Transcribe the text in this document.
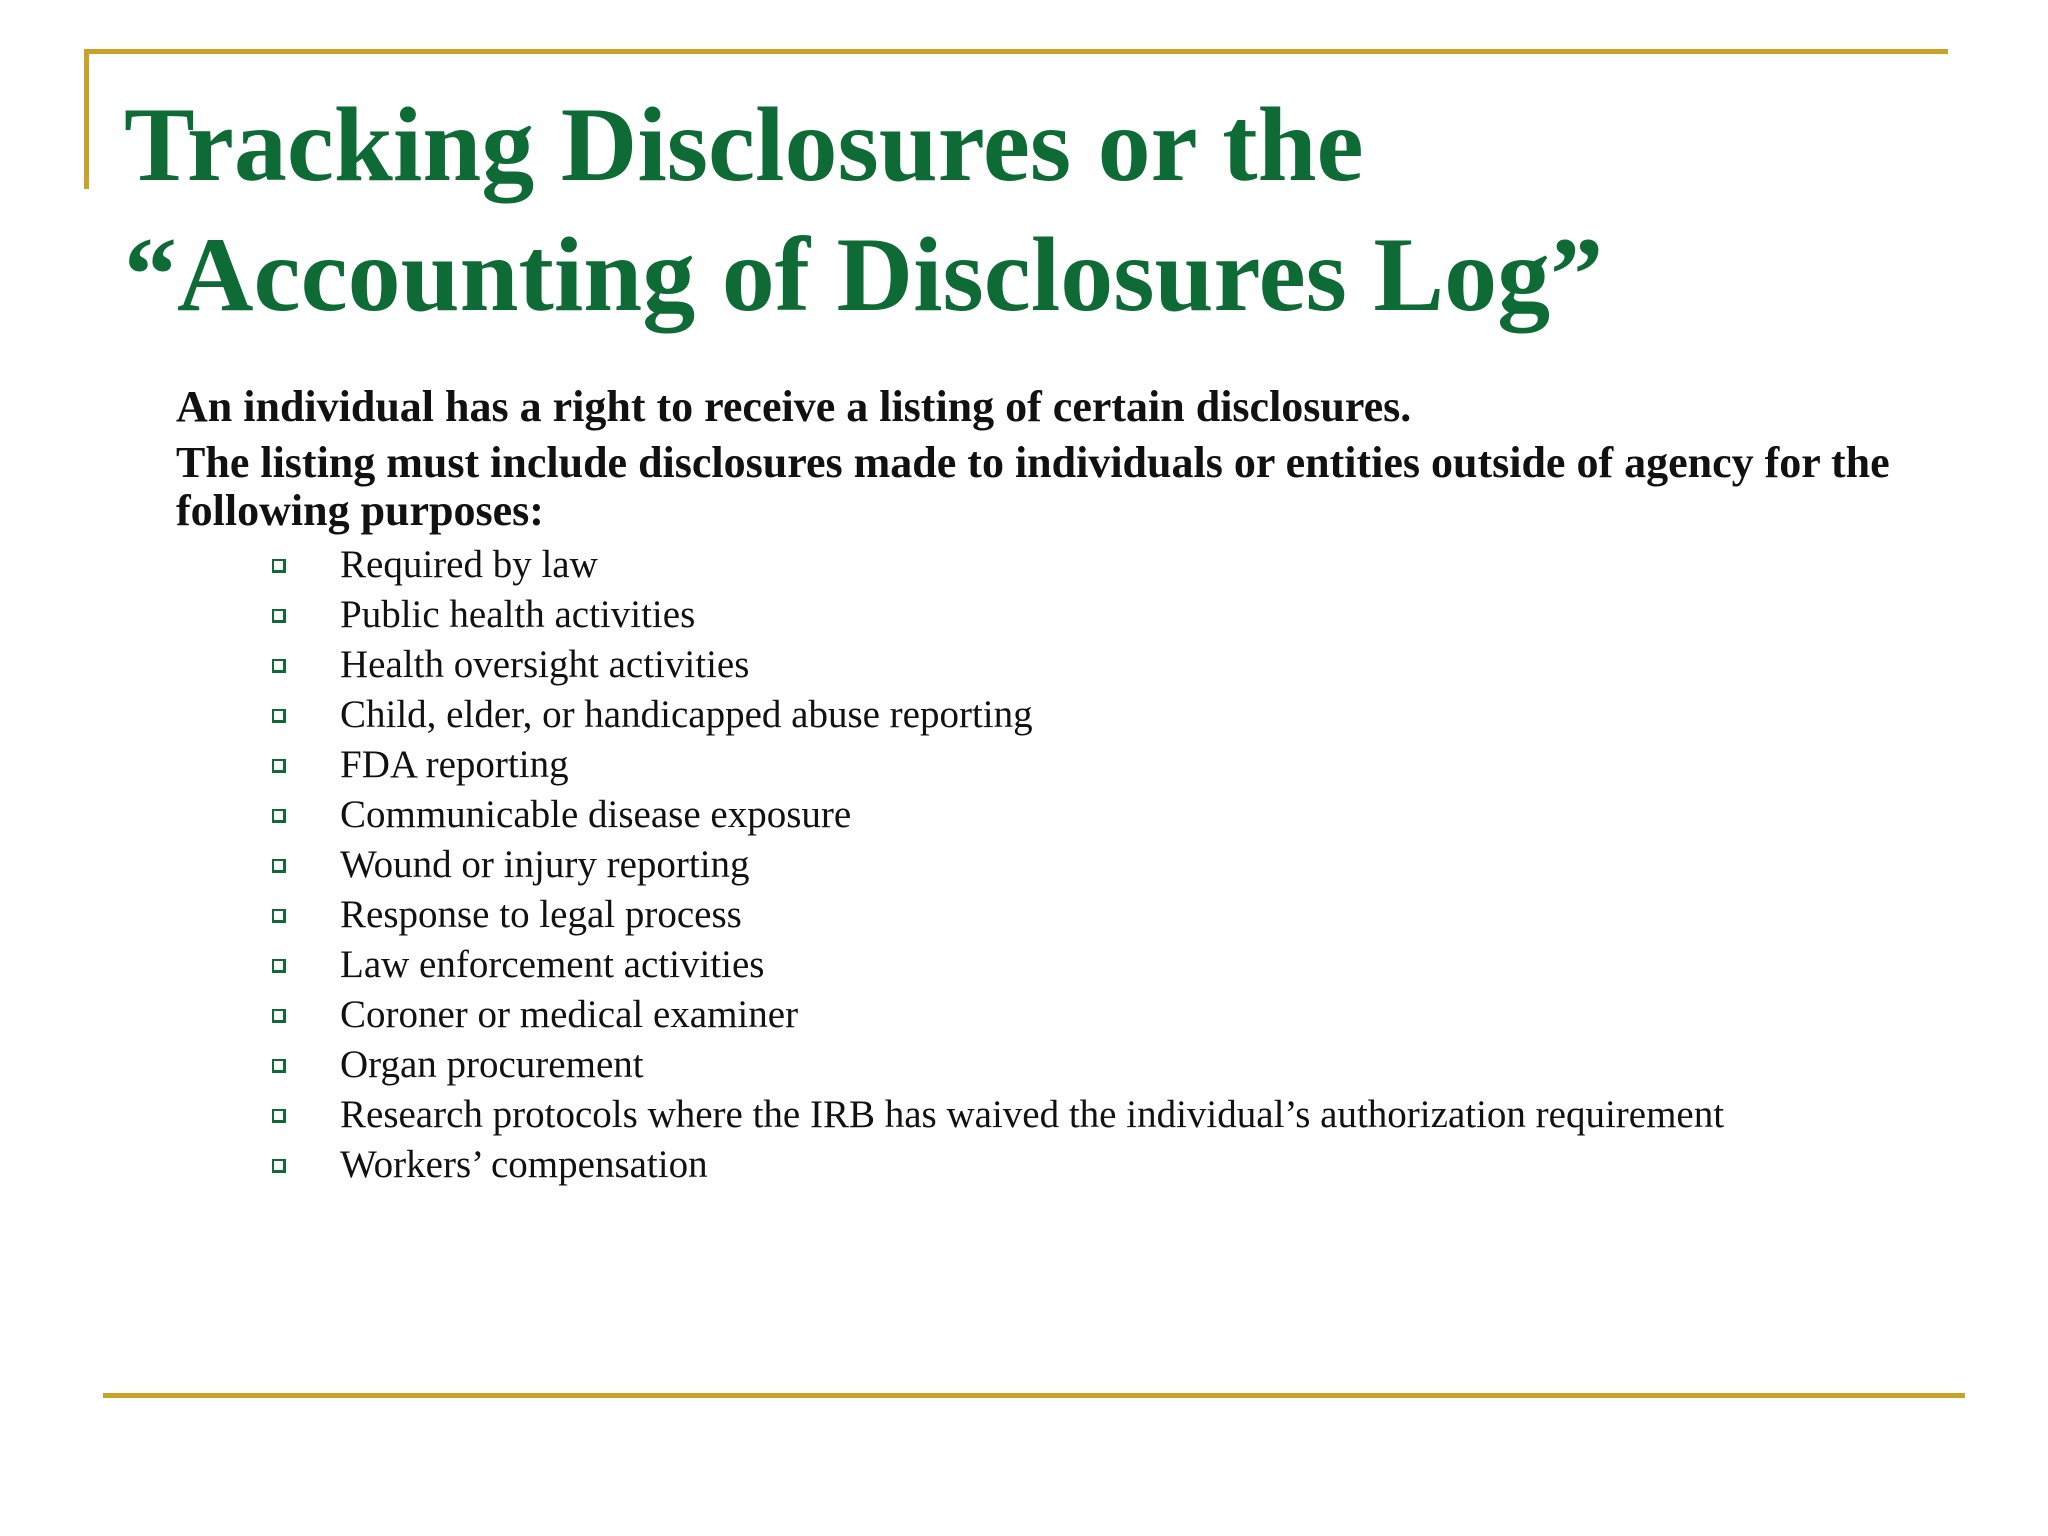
Tracking Disclosures or the
“Accounting of Disclosures Log”

An individual has a right to receive a listing of certain disclosures.

The listing must include disclosures made to individuals or entities outside of agency for the following purposes:

Required by law
Public health activities
Health oversight activities
Child, elder, or handicapped abuse reporting
FDA reporting
Communicable disease exposure
Wound or injury reporting
Response to legal process
Law enforcement activities
Coroner or medical examiner
Organ procurement
Research protocols where the IRB has waived the individual’s authorization requirement
Workers’ compensation
